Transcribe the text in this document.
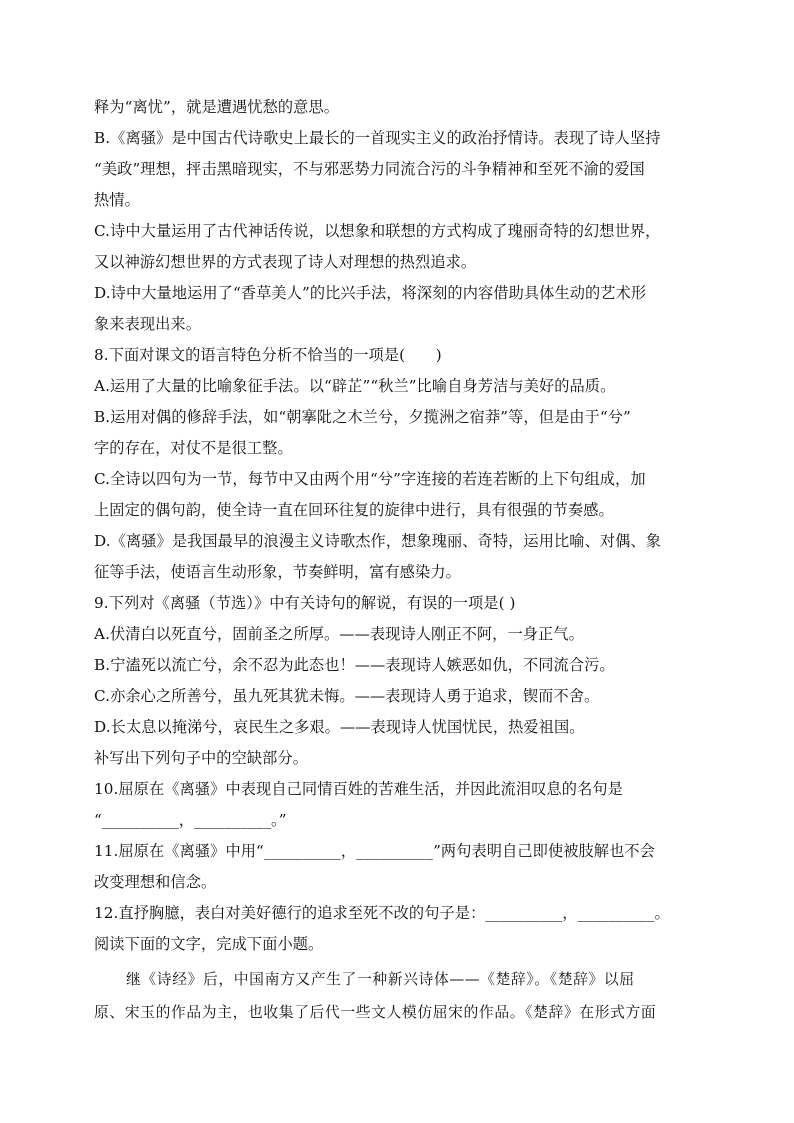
释为“离忧”，就是遭遇忧愁的意思。
B.《离骚》是中国古代诗歌史上最长的一首现实主义的政治抒情诗。表现了诗人坚持
“美政”理想，抨击黑暗现实，不与邪恶势力同流合污的斗争精神和至死不渝的爱国
热情。
C.诗中大量运用了古代神话传说，以想象和联想的方式构成了瑰丽奇特的幻想世界，
又以神游幻想世界的方式表现了诗人对理想的热烈追求。
D.诗中大量地运用了“香草美人”的比兴手法，将深刻的内容借助具体生动的艺术形
象来表现出来。
8.下面对课文的语言特色分析不恰当的一项是(　　)
A.运用了大量的比喻象征手法。以“辟芷”“秋兰”比喻自身芳洁与美好的品质。
B.运用对偶的修辞手法，如“朝搴阰之木兰兮，夕揽洲之宿莽”等，但是由于“兮”
字的存在，对仗不是很工整。
C.全诗以四句为一节，每节中又由两个用“兮”字连接的若连若断的上下句组成，加
上固定的偶句韵，使全诗一直在回环往复的旋律中进行，具有很强的节奏感。
D.《离骚》是我国最早的浪漫主义诗歌杰作，想象瑰丽、奇特，运用比喻、对偶、象
征等手法，使语言生动形象，节奏鲜明，富有感染力。
9.下列对《离骚（节选）》中有关诗句的解说，有误的一项是( )
A.伏清白以死直兮，固前圣之所厚。——表现诗人刚正不阿，一身正气。
B.宁溘死以流亡兮，余不忍为此态也！——表现诗人嫉恶如仇，不同流合污。
C.亦余心之所善兮，虽九死其犹未悔。——表现诗人勇于追求，锲而不舍。
D.长太息以掩涕兮，哀民生之多艰。——表现诗人忧国忧民，热爱祖国。
补写出下列句子中的空缺部分。
10.屈原在《离骚》中表现自己同情百姓的苦难生活，并因此流泪叹息的名句是
“__________，__________。”
11.屈原在《离骚》中用“__________，__________”两句表明自己即使被肢解也不会
改变理想和信念。
12.直抒胸臆，表白对美好德行的追求至死不改的句子是：__________，__________。
阅读下面的文字，完成下面小题。
继《诗经》后，中国南方又产生了一种新兴诗体——《楚辞》。《楚辞》以屈
原、宋玉的作品为主，也收集了后代一些文人模仿屈宋的作品。《楚辞》在形式方面
